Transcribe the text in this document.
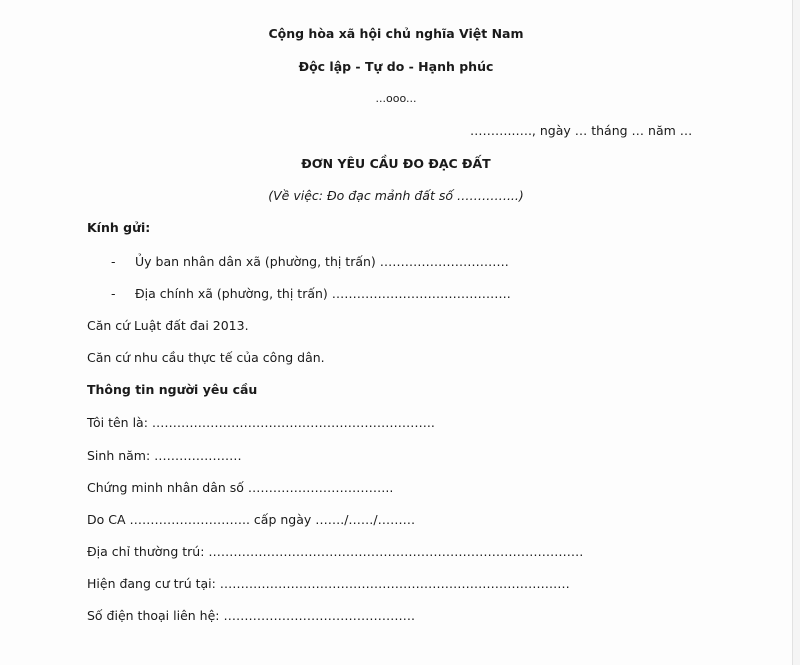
Cộng hòa xã hội chủ nghĩa Việt Nam
Độc lập - Tự do - Hạnh phúc
...ooo...
………..…., ngày … tháng … năm …
ĐƠN YÊU CẦU ĐO ĐẠC ĐẤT
(Về việc: Đo đạc mảnh đất số …………...)
Kính gửi:
- Ủy ban nhân dân xã (phường, thị trấn) ………………………….
- Địa chính xã (phường, thị trấn) …………………………………….
Căn cứ Luật đất đai 2013.
Căn cứ nhu cầu thực tế của công dân.
Thông tin người yêu cầu
Tôi tên là: …………………………………………………………..
Sinh năm: …………………
Chứng minh nhân dân số ……………………………..
Do CA ……………………….. cấp ngày ……./……/………
Địa chỉ thường trú: ………………………………………………………………………………
Hiện đang cư trú tại: …………………………………………………………………………
Số điện thoại liên hệ: ……………………………………….
